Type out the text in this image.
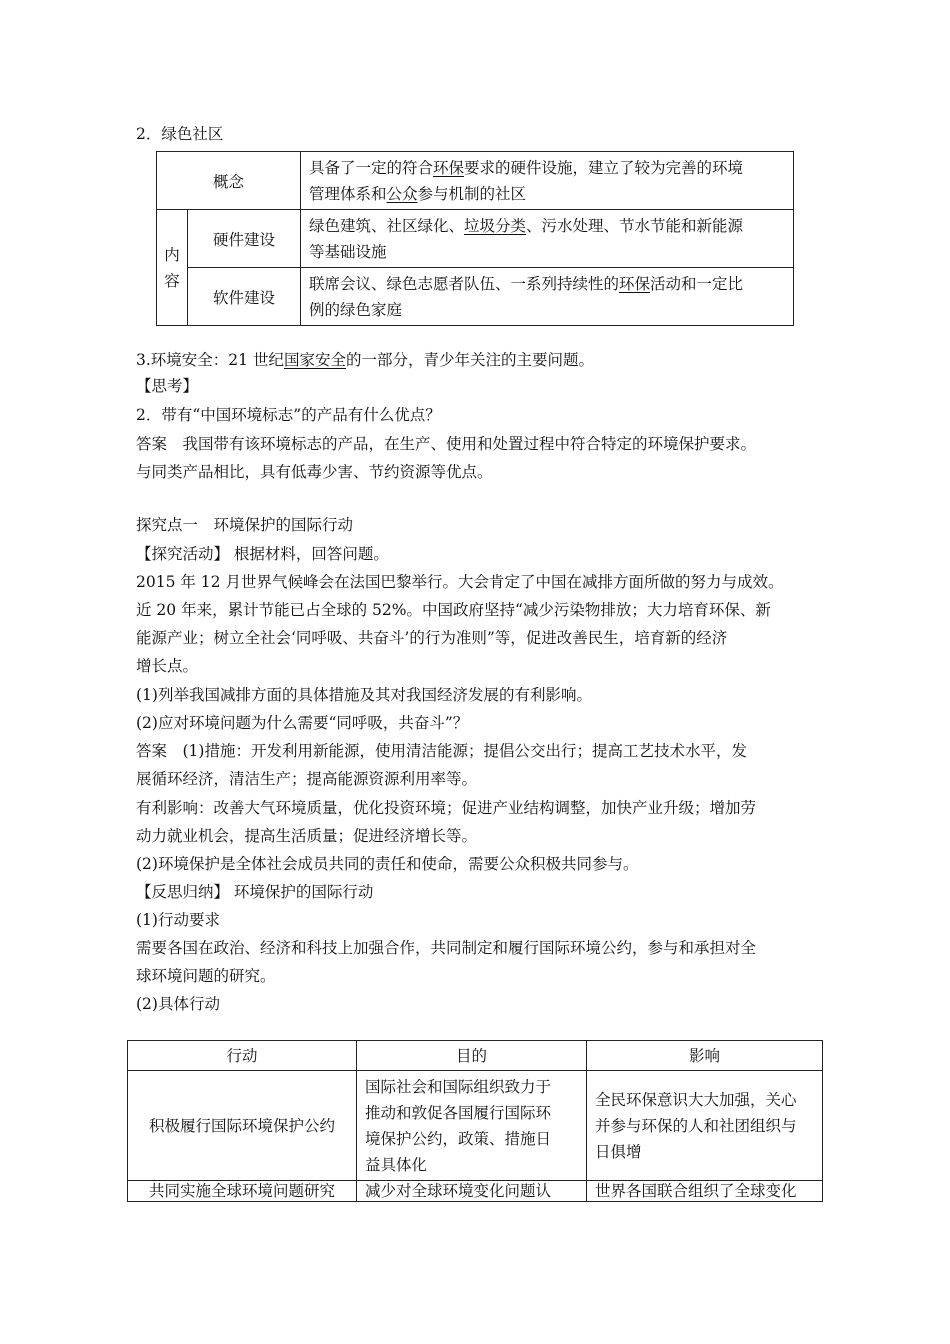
2．绿色社区
概念		具备了一定的符合环保要求的硬件设施，建立了较为完善的环境
管理体系和公众参与机制的社区

内
容	硬件建设	绿色建筑、社区绿化、垃圾分类、污水处理、节水节能和新能源
等基础设施
	软件建设	联席会议、绿色志愿者队伍、一系列持续性的环保活动和一定比
例的绿色家庭
3.环境安全：21 世纪国家安全的一部分，青少年关注的主要问题。
【思考】
2．带有“中国环境标志”的产品有什么优点？
答案　我国带有该环境标志的产品，在生产、使用和处置过程中符合特定的环境保护要求。
与同类产品相比，具有低毒少害、节约资源等优点。
探究点一　环境保护的国际行动
【探究活动】 根据材料，回答问题。
2015 年 12 月世界气候峰会在法国巴黎举行。大会肯定了中国在减排方面所做的努力与成效。
近 20 年来，累计节能已占全球的 52%。中国政府坚持“减少污染物排放；大力培育环保、新
能源产业；树立全社会‘同呼吸、共奋斗’的行为准则”等，促进改善民生，培育新的经济
增长点。
(1)列举我国减排方面的具体措施及其对我国经济发展的有利影响。
(2)应对环境问题为什么需要“同呼吸，共奋斗”？
答案　(1)措施：开发利用新能源，使用清洁能源；提倡公交出行；提高工艺技术水平，发
展循环经济，清洁生产；提高能源资源利用率等。
有利影响：改善大气环境质量，优化投资环境；促进产业结构调整，加快产业升级；增加劳
动力就业机会，提高生活质量；促进经济增长等。
(2)环境保护是全体社会成员共同的责任和使命，需要公众积极共同参与。
【反思归纳】 环境保护的国际行动
(1)行动要求
需要各国在政治、经济和科技上加强合作，共同制定和履行国际环境公约，参与和承担对全
球环境问题的研究。
(2)具体行动
行动	目的	影响
积极履行国际环境保护公约	国际社会和国际组织致力于
推动和敦促各国履行国际环
境保护公约，政策、措施日
益具体化	全民环保意识大大加强，关心
并参与环保的人和社团组织与
日俱增
共同实施全球环境问题研究	减少对全球环境变化问题认	世界各国联合组织了全球变化
